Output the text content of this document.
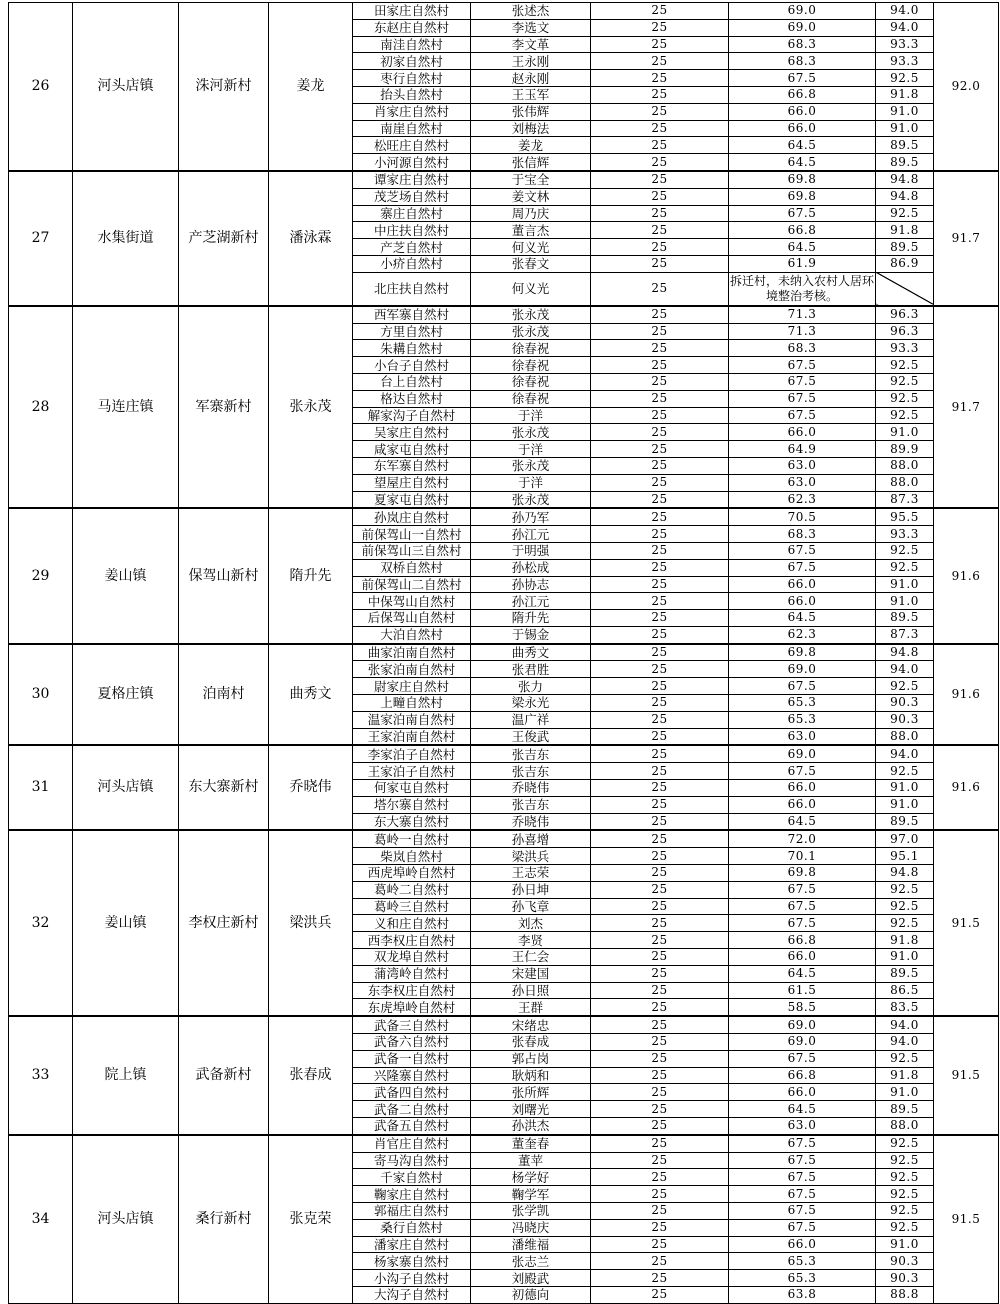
26	河头店镇	洙河新村	姜龙	田家庄自然村	张述杰	25	69.0	94.0	92.0
				东赵庄自然村	李选文	25	69.0	94.0	
				南洼自然村	李文革	25	68.3	93.3	
				初家自然村	王永刚	25	68.3	93.3	
				枣行自然村	赵永刚	25	67.5	92.5	
				抬头自然村	王玉军	25	66.8	91.8	
				肖家庄自然村	张伟辉	25	66.0	91.0	
				南崖自然村	刘梅法	25	66.0	91.0	
				松旺庄自然村	姜龙	25	64.5	89.5	
				小河源自然村	张信辉	25	64.5	89.5	
27	水集街道	产芝湖新村	潘泳霖	谭家庄自然村	于宝全	25	69.8	94.8	91.7
				茂芝场自然村	姜文林	25	69.8	94.8	
				寨庄自然村	周乃庆	25	67.5	92.5	
				中庄扶自然村	董言杰	25	66.8	91.8	
				产芝自然村	何义光	25	64.5	89.5	
				小疥自然村	张春文	25	61.9	86.9	
				北庄扶自然村	何义光	25	拆迁村，未纳入农村人居环境整治考核。		
28	马连庄镇	军寨新村	张永茂	西军寨自然村	张永茂	25	71.3	96.3	91.7
				方里自然村	张永茂	25	71.3	96.3	
				朱耩自然村	徐春祝	25	68.3	93.3	
				小台子自然村	徐春祝	25	67.5	92.5	
				台上自然村	徐春祝	25	67.5	92.5	
				格达自然村	徐春祝	25	67.5	92.5	
				解家沟子自然村	于洋	25	67.5	92.5	
				吴家庄自然村	张永茂	25	66.0	91.0	
				咸家屯自然村	于洋	25	64.9	89.9	
				东军寨自然村	张永茂	25	63.0	88.0	
				望屋庄自然村	于洋	25	63.0	88.0	
				夏家屯自然村	张永茂	25	62.3	87.3	
29	姜山镇	保驾山新村	隋升先	孙岚庄自然村	孙乃军	25	70.5	95.5	91.6
				前保驾山一自然村	孙江元	25	68.3	93.3	
				前保驾山三自然村	于明强	25	67.5	92.5	
				双桥自然村	孙松成	25	67.5	92.5	
				前保驾山二自然村	孙协志	25	66.0	91.0	
				中保驾山自然村	孙江元	25	66.0	91.0	
				后保驾山自然村	隋升先	25	64.5	89.5	
				大泊自然村	于锡金	25	62.3	87.3	
30	夏格庄镇	泊南村	曲秀文	曲家泊南自然村	曲秀文	25	69.8	94.8	91.6
				张家泊南自然村	张君胜	25	69.0	94.0	
				尉家庄自然村	张力	25	67.5	92.5	
				上疃自然村	梁永光	25	65.3	90.3	
				温家泊南自然村	温广祥	25	65.3	90.3	
				王家泊南自然村	王俊武	25	63.0	88.0	
31	河头店镇	东大寨新村	乔晓伟	李家泊子自然村	张吉东	25	69.0	94.0	91.6
				王家泊子自然村	张吉东	25	67.5	92.5	
				何家屯自然村	乔晓伟	25	66.0	91.0	
				塔尔寨自然村	张吉东	25	66.0	91.0	
				东大寨自然村	乔晓伟	25	64.5	89.5	
32	姜山镇	李权庄新村	梁洪兵	葛岭一自然村	孙喜增	25	72.0	97.0	91.5
				柴岚自然村	梁洪兵	25	70.1	95.1	
				西虎埠岭自然村	王志荣	25	69.8	94.8	
				葛岭二自然村	孙日坤	25	67.5	92.5	
				葛岭三自然村	孙飞章	25	67.5	92.5	
				义和庄自然村	刘杰	25	67.5	92.5	
				西李权庄自然村	李贤	25	66.8	91.8	
				双龙埠自然村	王仁会	25	66.0	91.0	
				蒲湾岭自然村	宋建国	25	64.5	89.5	
				东李权庄自然村	孙日照	25	61.5	86.5	
				东虎埠岭自然村	王群	25	58.5	83.5	
33	院上镇	武备新村	张春成	武备三自然村	宋绪忠	25	69.0	94.0	91.5
				武备六自然村	张春成	25	69.0	94.0	
				武备一自然村	郭占岗	25	67.5	92.5	
				兴隆寨自然村	耿炳和	25	66.8	91.8	
				武备四自然村	张所辉	25	66.0	91.0	
				武备二自然村	刘曙光	25	64.5	89.5	
				武备五自然村	孙洪杰	25	63.0	88.0	
34	河头店镇	桑行新村	张克荣	肖官庄自然村	董奎春	25	67.5	92.5	91.5
				寄马沟自然村	董苹	25	67.5	92.5	
				千家自然村	杨学好	25	67.5	92.5	
				鞠家庄自然村	鞠学军	25	67.5	92.5	
				郭福庄自然村	张学凯	25	67.5	92.5	
				桑行自然村	冯晓庆	25	67.5	92.5	
				潘家庄自然村	潘维福	25	66.0	91.0	
				杨家寨自然村	张志兰	25	65.3	90.3	
				小沟子自然村	刘殿武	25	65.3	90.3	
				大沟子自然村	初德向	25	63.8	88.8	
